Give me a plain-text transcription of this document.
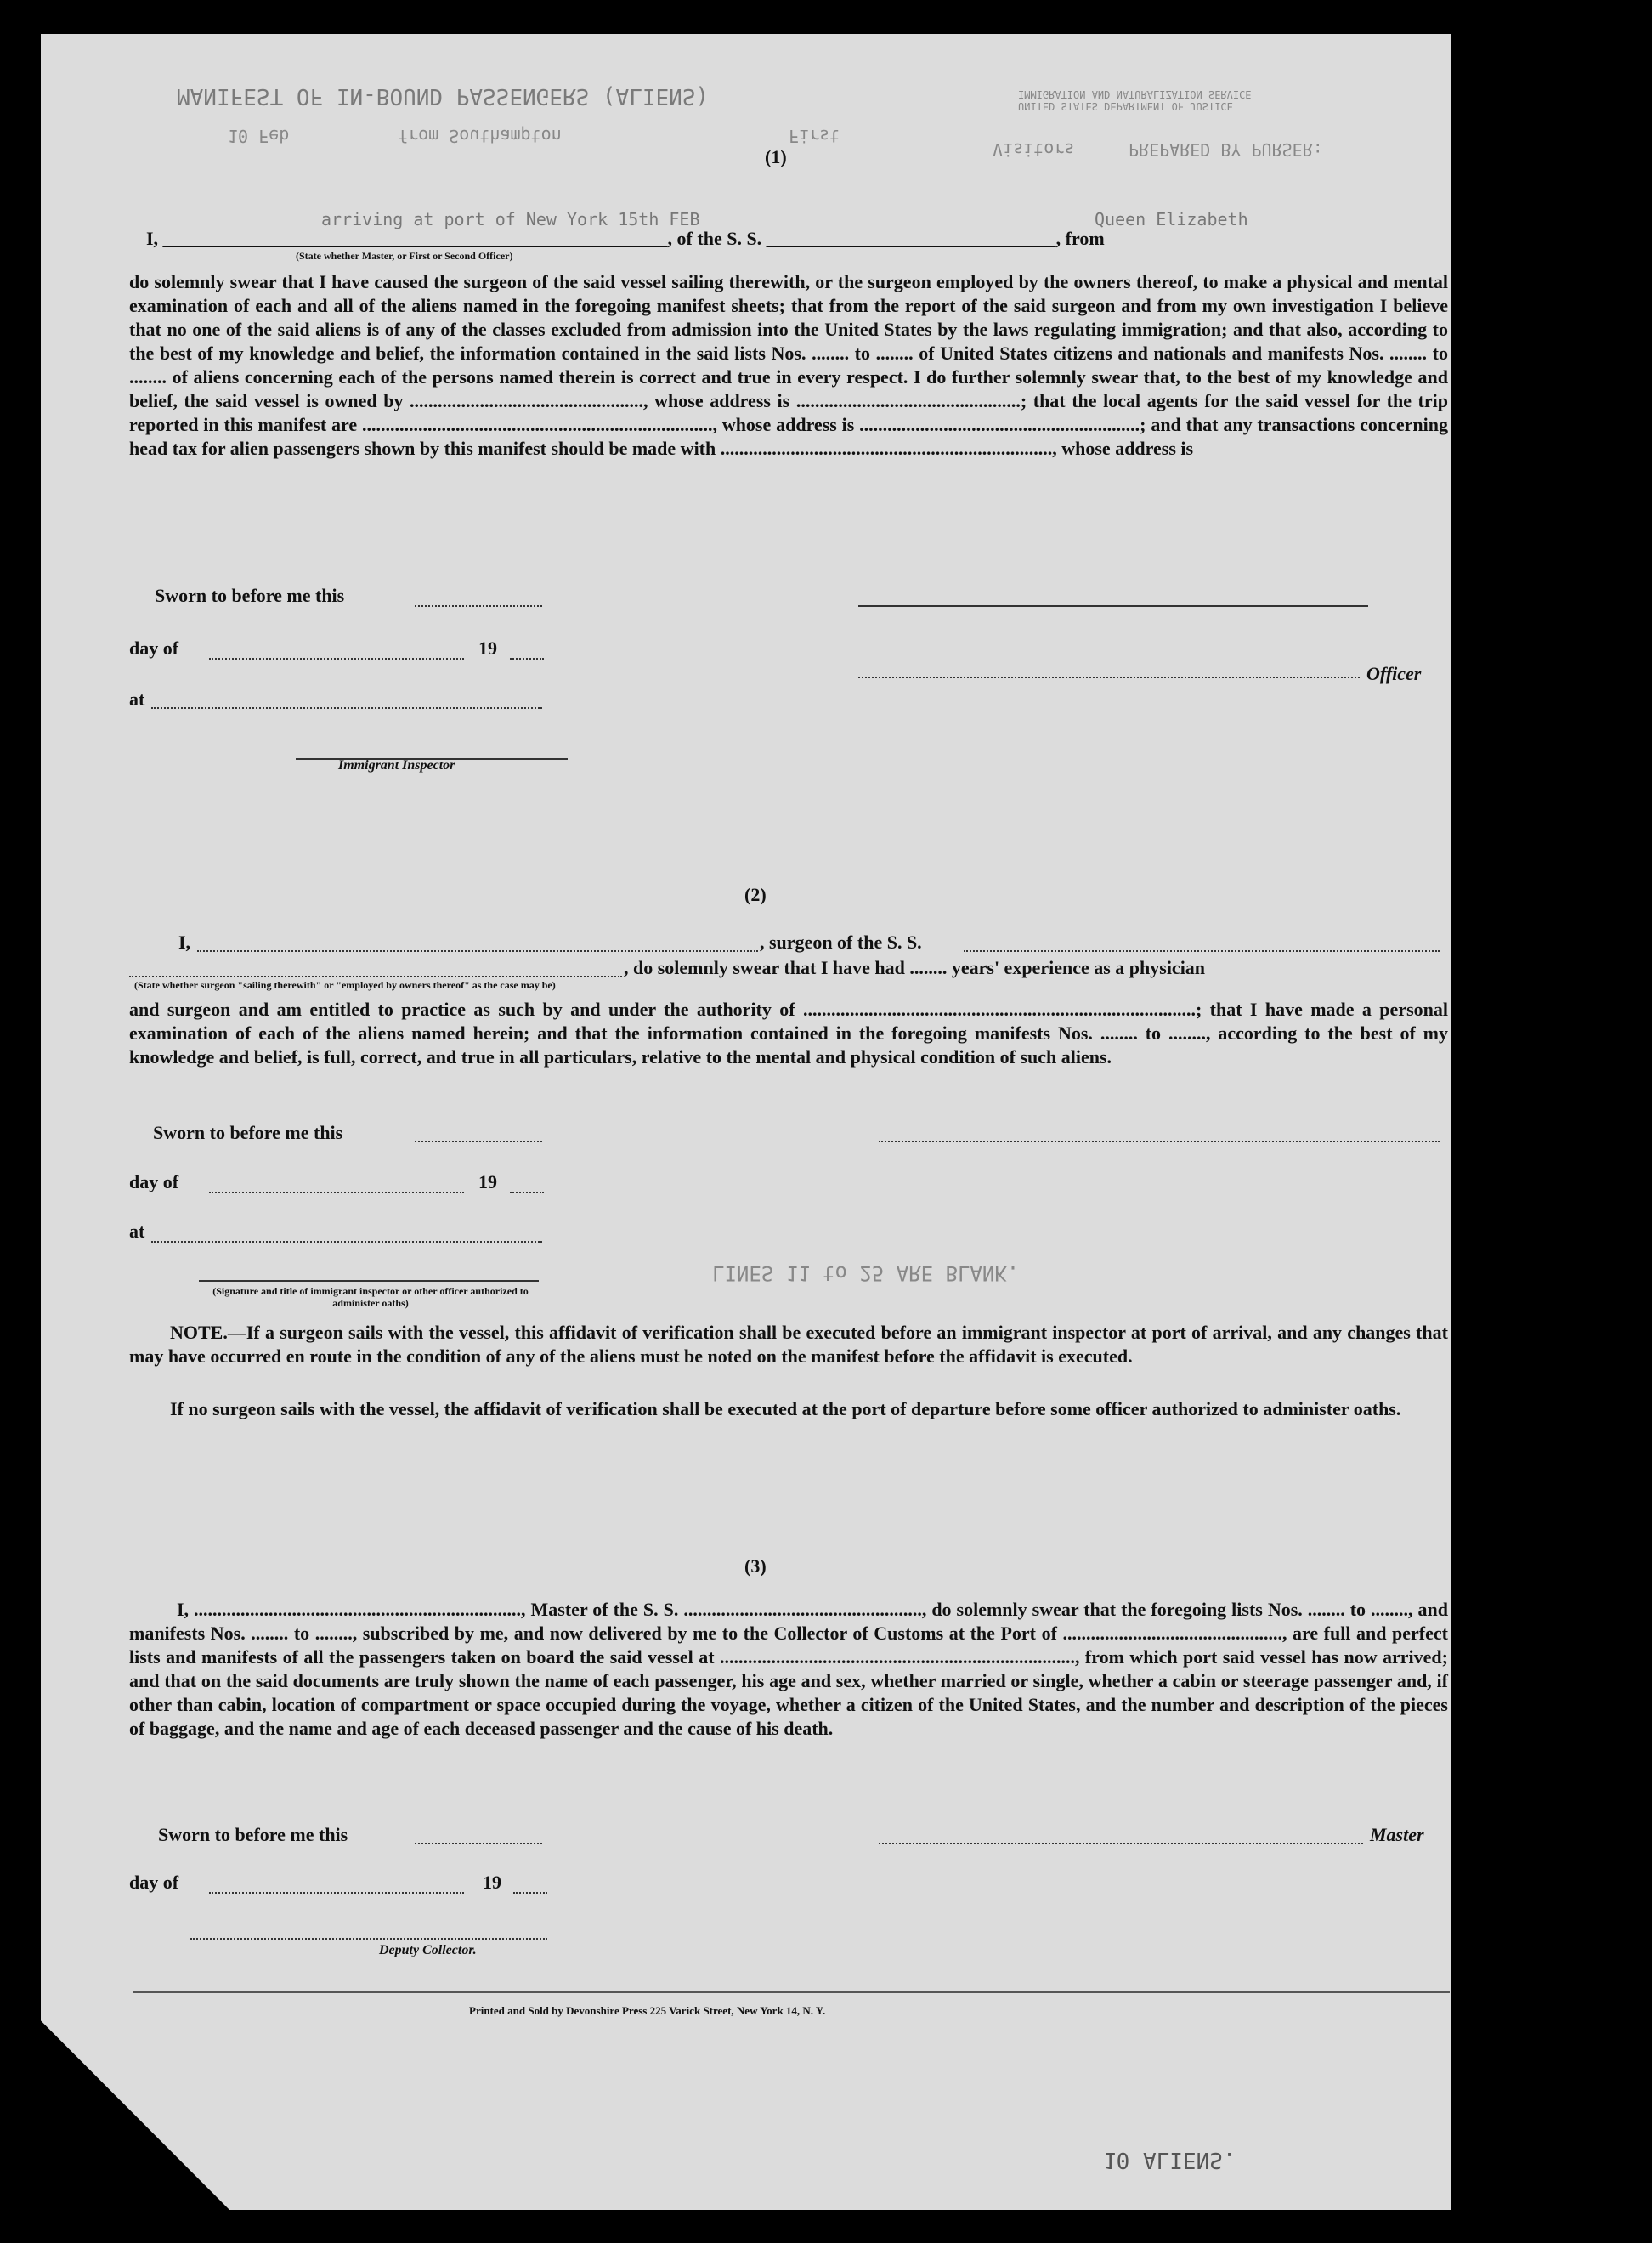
MANIFEST OF IN-BOUND PASSENGERS (ALIENS)
10 Feb	from Southampton	First
Visitors	PREPARED BY PURSER:
UNITED STATES DEPARTMENT OF JUSTICE
IMMIGRATION AND NATURALIZATION SERVICE
(1)
arriving at port of New York 15th FEB	Queen Elizabeth
I, ______________________________________________________, of the S. S. _______________________________, from
(State whether Master, or First or Second Officer)
do solemnly swear that I have caused the surgeon of the said vessel sailing therewith, or the surgeon employed by the owners thereof, to make a physical and mental examination of each and all of the aliens named in the foregoing manifest sheets; that from the report of the said surgeon and from my own investigation I believe that no one of the said aliens is of any of the classes excluded from admission into the United States by the laws regulating immigration; and that also, according to the best of my knowledge and belief, the information contained in the said lists Nos. ........ to ........ of United States citizens and nationals and manifests Nos. ........ to ........ of aliens concerning each of the persons named therein is correct and true in every respect. I do further solemnly swear that, to the best of my knowledge and belief, the said vessel is owned by .................................................., whose address is ................................................; that the local agents for the said vessel for the trip reported in this manifest are ..........................................................................., whose address is ............................................................; and that any transactions concerning head tax for alien passengers shown by this manifest should be made with ......................................................................., whose address is
Sworn to before me this
day of	19
Officer
at
Immigrant Inspector
(2)
I,	, surgeon of the S. S.
, do solemnly swear that I have had ........ years' experience as a physician
(State whether surgeon "sailing therewith" or "employed by owners thereof" as the case may be)
and surgeon and am entitled to practice as such by and under the authority of ....................................................................................; that I have made a personal examination of each of the aliens named herein; and that the information contained in the foregoing manifests Nos. ........ to ........, according to the best of my knowledge and belief, is full, correct, and true in all particulars, relative to the mental and physical condition of such aliens.
Sworn to before me this
day of	19
at
(Signature and title of immigrant inspector or other officer authorized to administer oaths)
LINES 11 to 25 ARE BLANK.
NOTE.—If a surgeon sails with the vessel, this affidavit of verification shall be executed before an immigrant inspector at port of arrival, and any changes that may have occurred en route in the condition of any of the aliens must be noted on the manifest before the affidavit is executed.
If no surgeon sails with the vessel, the affidavit of verification shall be executed at the port of departure before some officer authorized to administer oaths.
(3)
I, ......................................................................, Master of the S. S. ..................................................., do solemnly swear that the foregoing lists Nos. ........ to ........, and manifests Nos. ........ to ........, subscribed by me, and now delivered by me to the Collector of Customs at the Port of ..............................................., are full and perfect lists and manifests of all the passengers taken on board the said vessel at ............................................................................, from which port said vessel has now arrived; and that on the said documents are truly shown the name of each passenger, his age and sex, whether married or single, whether a cabin or steerage passenger and, if other than cabin, location of compartment or space occupied during the voyage, whether a citizen of the United States, and the number and description of the pieces of baggage, and the name and age of each deceased passenger and the cause of his death.
Sworn to before me this	Master
day of	19
Deputy Collector.
Printed and Sold by Devonshire Press 225 Varick Street, New York 14, N. Y.
10 ALIENS.
